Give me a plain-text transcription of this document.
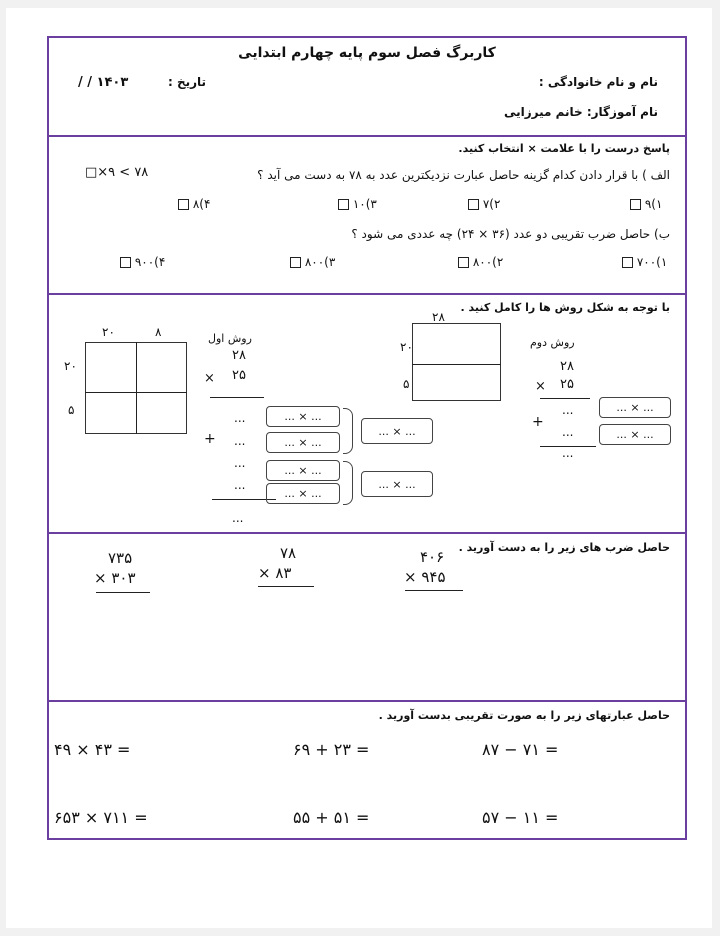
کاربرگ فصل سوم پایه چهارم ابتدایی
نام و نام خانوادگی :
تاریخ :
/ / ۱۴۰۳
نام آموزگار: خانم میرزایی
پاسخ درست را با علامت × انتخاب کنید.
الف ) با قرار دادن کدام گزینه حاصل عبارت نزدیکترین عدد به ۷۸ به دست می آید ؟
□×۹ < ۷۸
۹(۱
۷(۲
۱۰(۳
۸(۴
ب) حاصل ضرب تقریبی دو عدد (۳۶ × ۲۴) چه عددی می شود ؟
۷۰۰(۱
۸۰۰(۲
۸۰۰(۳
۹۰۰(۴
با توجه به شکل روش ها را کامل کنید .
۲۰	۸
۲۰
۵
روش اول
۲۸
× ۲۵
...
+ ...
...
...
...
... × ...
... × ...
... × ...
... × ...
... × ...
... × ...
۲۸
۲۰
۵
روش دوم
۲۸
× ۲۵
...
+
...
...
... × ...
... × ...
حاصل ضرب های زیر را به دست آورید .
۴۰۶
× ۹۴۵
۷۸
× ۸۳
۷۳۵
× ۳۰۳
حاصل عبارتهای زیر را به صورت تقریبی بدست آورید .
۸۷ − ۷۱ =
۶۹ + ۲۳ =
۴۹ × ۴۳ =
۵۷ − ۱۱ =
۵۵ + ۵۱ =
۶۵۳ × ۷۱۱ =
